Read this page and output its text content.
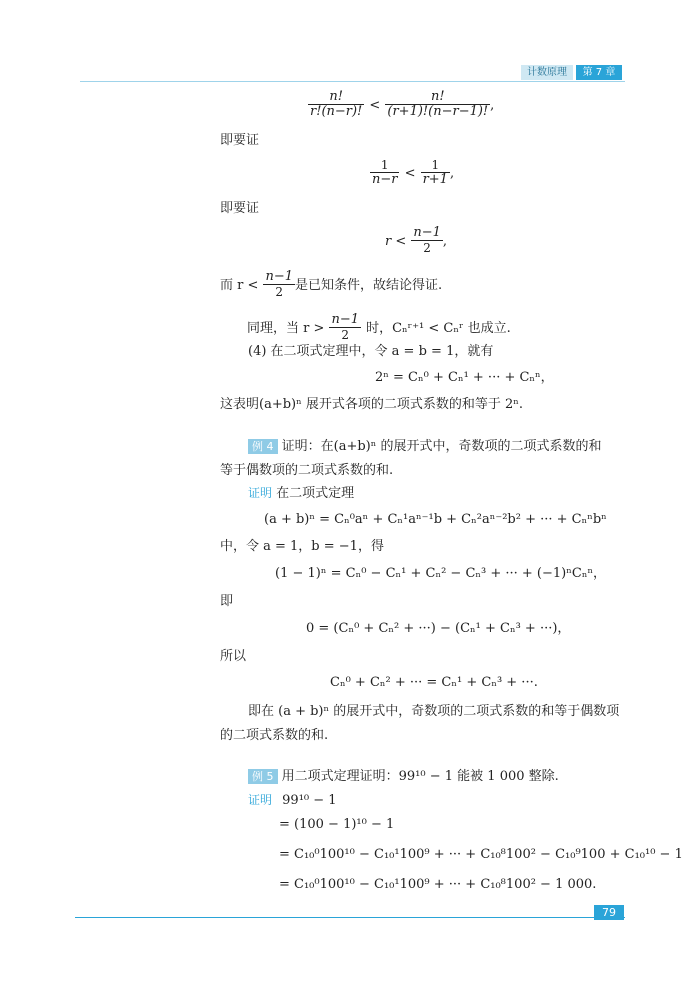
计数原理	第 7 章
$\frac{n!}{r!(n-r)!} < \frac{n!}{(r+1)!(n-r-1)!}$ ,
即要证
$\frac{1}{n-r} < \frac{1}{r+1}$ ,
即要证
$r < \frac{n-1}{2}$ ,
而 $r < \frac{n-1}{2}$ 是已知条件，故结论得证.
同理，当 $r > \frac{n-1}{2}$ 时，Cₙʳ⁺¹ < Cₙʳ 也成立.
(4) 在二项式定理中，令 a = b = 1，就有
2ⁿ = Cₙ⁰ + Cₙ¹ + ··· + Cₙⁿ，
这表明(a+b)ⁿ 展开式各项的二项式系数的和等于 2ⁿ.
例 4 证明：在(a+b)ⁿ 的展开式中，奇数项的二项式系数的和
等于偶数项的二项式系数的和.
证明 在二项式定理
(a + b)ⁿ = Cₙ⁰aⁿ + Cₙ¹aⁿ⁻¹b + Cₙ²aⁿ⁻²b² + ··· + Cₙⁿbⁿ
中，令 a = 1，b = −1，得
(1 − 1)ⁿ = Cₙ⁰ − Cₙ¹ + Cₙ² − Cₙ³ + ··· + (−1)ⁿCₙⁿ，
即
0 = (Cₙ⁰ + Cₙ² + ···) − (Cₙ¹ + Cₙ³ + ···)，
所以
Cₙ⁰ + Cₙ² + ··· = Cₙ¹ + Cₙ³ + ···.
即在 (a + b)ⁿ 的展开式中，奇数项的二项式系数的和等于偶数项
的二项式系数的和.
例 5 用二项式定理证明：99¹⁰ − 1 能被 1 000 整除.
证明 99¹⁰ − 1
= (100 − 1)¹⁰ − 1
= C₁₀⁰100¹⁰ − C₁₀¹100⁹ + ··· + C₁₀⁸100² − C₁₀⁹100 + C₁₀¹⁰ − 1
= C₁₀⁰100¹⁰ − C₁₀¹100⁹ + ··· + C₁₀⁸100² − 1 000.
79
